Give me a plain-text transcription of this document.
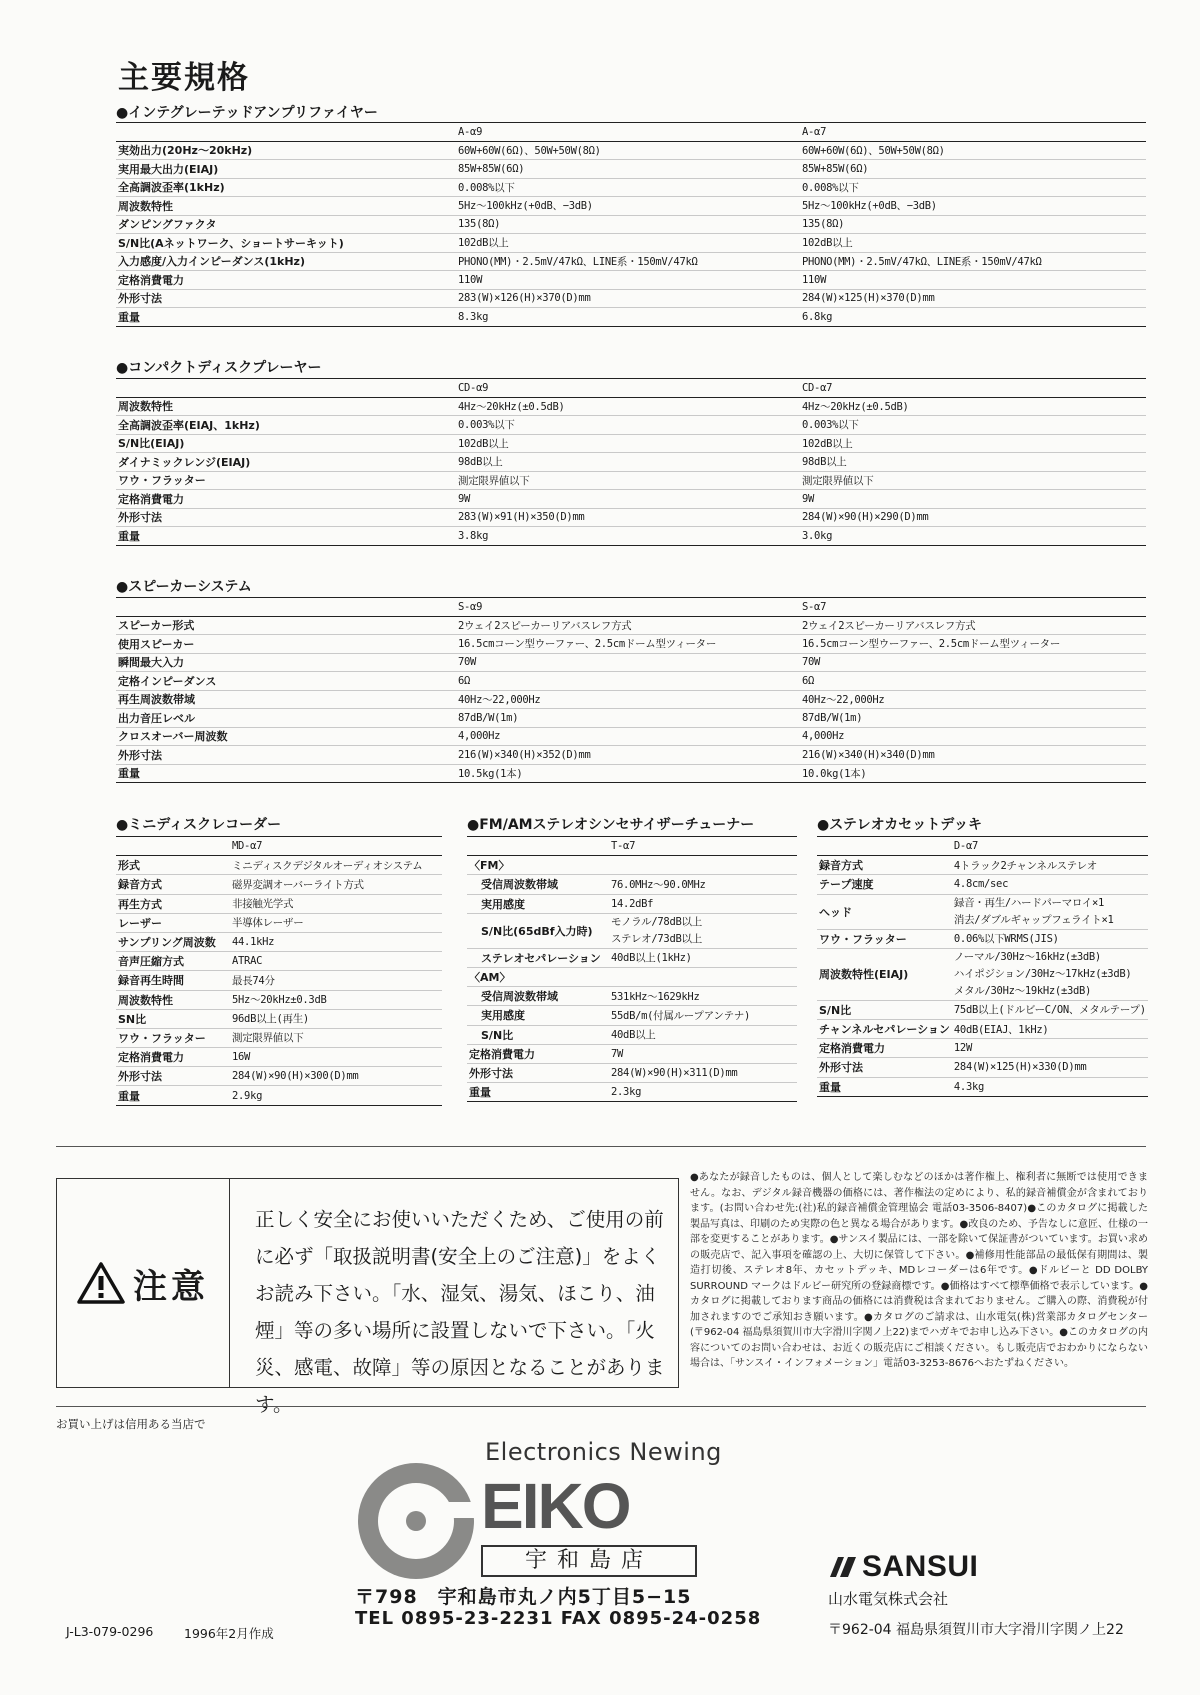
主要規格
●インテグレーテッドアンプリファイヤー
	A-α9	A-α7
実効出力(20Hz〜20kHz)	60W+60W(6Ω)、50W+50W(8Ω)	60W+60W(6Ω)、50W+50W(8Ω)
実用最大出力(EIAJ)	85W+85W(6Ω)	85W+85W(6Ω)
全高調波歪率(1kHz)	0.008%以下	0.008%以下
周波数特性	5Hz〜100kHz(+0dB、−3dB)	5Hz〜100kHz(+0dB、−3dB)
ダンピングファクタ	135(8Ω)	135(8Ω)
S/N比(Aネットワーク、ショートサーキット)	102dB以上	102dB以上
入力感度/入力インピーダンス(1kHz)	PHONO(MM)・2.5mV/47kΩ、LINE系・150mV/47kΩ	PHONO(MM)・2.5mV/47kΩ、LINE系・150mV/47kΩ
定格消費電力	110W	110W
外形寸法	283(W)×126(H)×370(D)mm	284(W)×125(H)×370(D)mm
重量	8.3kg	6.8kg
●コンパクトディスクプレーヤー
	CD-α9	CD-α7
周波数特性	4Hz〜20kHz(±0.5dB)	4Hz〜20kHz(±0.5dB)
全高調波歪率(EIAJ、1kHz)	0.003%以下	0.003%以下
S/N比(EIAJ)	102dB以上	102dB以上
ダイナミックレンジ(EIAJ)	98dB以上	98dB以上
ワウ・フラッター	測定限界値以下	測定限界値以下
定格消費電力	9W	9W
外形寸法	283(W)×91(H)×350(D)mm	284(W)×90(H)×290(D)mm
重量	3.8kg	3.0kg
●スピーカーシステム
	S-α9	S-α7
スピーカー形式	2ウェイ2スピーカーリアバスレフ方式	2ウェイ2スピーカーリアバスレフ方式
使用スピーカー	16.5cmコーン型ウーファー、2.5cmドーム型ツィーター	16.5cmコーン型ウーファー、2.5cmドーム型ツィーター
瞬間最大入力	70W	70W
定格インピーダンス	6Ω	6Ω
再生周波数帯域	40Hz〜22,000Hz	40Hz〜22,000Hz
出力音圧レベル	87dB/W(1m)	87dB/W(1m)
クロスオーバー周波数	4,000Hz	4,000Hz
外形寸法	216(W)×340(H)×352(D)mm	216(W)×340(H)×340(D)mm
重量	10.5kg(1本)	10.0kg(1本)
●ミニディスクレコーダー
	MD-α7
形式	ミニディスクデジタルオーディオシステム
録音方式	磁界変調オーバーライト方式
再生方式	非接触光学式
レーザー	半導体レーザー
サンプリング周波数	44.1kHz
音声圧縮方式	ATRAC
録音再生時間	最長74分
周波数特性	5Hz〜20kHz±0.3dB
SN比	96dB以上(再生)
ワウ・フラッター	測定限界値以下
定格消費電力	16W
外形寸法	284(W)×90(H)×300(D)mm
重量	2.9kg
●FM/AMステレオシンセサイザーチューナー
	T-α7
〈FM〉	
受信周波数帯域	76.0MHz〜90.0MHz
実用感度	14.2dBf
S/N比(65dBf入力時)	モノラル/78dB以上
ステレオ/73dB以上

ステレオセパレーション	40dB以上(1kHz)
〈AM〉	
受信周波数帯域	531kHz〜1629kHz
実用感度	55dB/m(付属ループアンテナ)
S/N比	40dB以上
定格消費電力	7W
外形寸法	284(W)×90(H)×311(D)mm
重量	2.3kg
●ステレオカセットデッキ
	D-α7
録音方式	4トラック2チャンネルステレオ
テープ速度	4.8cm/sec
ヘッド	録音・再生/ハードパーマロイ×1
消去/ダブルギャップフェライト×1

ワウ・フラッター	0.06%以下WRMS(JIS)
周波数特性(EIAJ)	ノーマル/30Hz〜16kHz(±3dB)
ハイポジション/30Hz〜17kHz(±3dB)
メタル/30Hz〜19kHz(±3dB)

S/N比	75dB以上(ドルビーC/ON、メタルテープ)
チャンネルセパレーション	40dB(EIAJ、1kHz)
定格消費電力	12W
外形寸法	284(W)×125(H)×330(D)mm
重量	4.3kg
注意
正しく安全にお使いいただくため、ご使用の前に必ず「取扱説明書(安全上のご注意)」をよくお読み下さい。「水、湿気、湯気、ほこり、油煙」等の多い場所に設置しないで下さい。「火災、感電、故障」等の原因となることがあります。
●あなたが録音したものは、個人として楽しむなどのほかは著作権上、権利者に無断では使用できません。なお、デジタル録音機器の価格には、著作権法の定めにより、私的録音補償金が含まれております。(お問い合わせ先:(社)私的録音補償金管理協会 電話03-3506-8407)●このカタログに掲載した製品写真は、印刷のため実際の色と異なる場合があります。●改良のため、予告なしに意匠、仕様の一部を変更することがあります。●サンスイ製品には、一部を除いて保証書がついています。お買い求めの販売店で、記入事項を確認の上、大切に保管して下さい。●補修用性能部品の最低保有期間は、製造打切後、ステレオ8年、カセットデッキ、MDレコーダーは6年です。●ドルビーと DD DOLBY SURROUND マークはドルビー研究所の登録商標です。●価格はすべて標準価格で表示しています。●カタログに掲載しております商品の価格には消費税は含まれておりません。ご購入の際、消費税が付加されますのでご承知おき願います。●カタログのご請求は、山水電気(株)営業部カタログセンター(〒962-04 福島県須賀川市大字滑川字関ノ上22)までハガキでお申し込み下さい。●このカタログの内容についてのお問い合わせは、お近くの販売店にご相談ください。もし販売店でおわかりにならない場合は、「サンスイ・インフォメーション」電話03-3253-8676へおたずねください。
お買い上げは信用ある当店で
Electronics Newing
EIKO
宇和島店
〒798　宇和島市丸ノ内5丁目5−15
TEL 0895-23-2231 FAX 0895-24-0258
J-L3-079-0296 1996年2月作成
SANSUI
山水電気株式会社
〒962-04 福島県須賀川市大字滑川字関ノ上22
